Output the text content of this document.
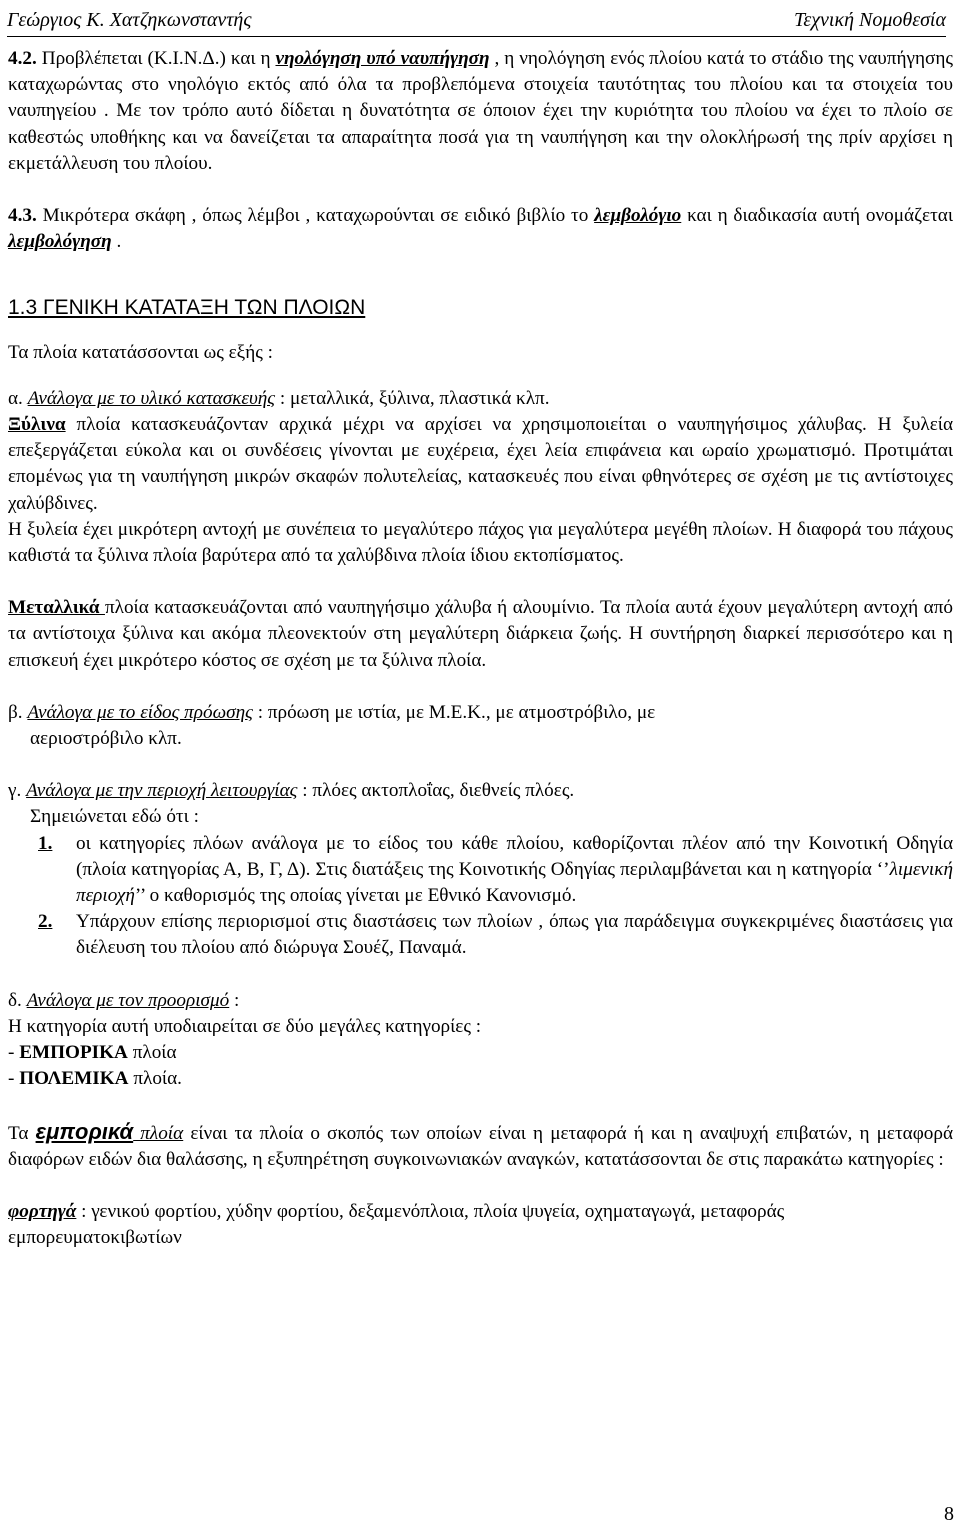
Γεώργιος Κ. Χατζηκωνσταντής	Τεχνική Νομοθεσία

4.2. Προβλέπεται (Κ.Ι.Ν.Δ.) και η νηολόγηση υπό ναυπήγηση , η νηολόγηση ενός πλοίου κατά το στάδιο της ναυπήγησης καταχωρώντας στο νηολόγιο εκτός από όλα τα προβλεπόμενα στοιχεία ταυτότητας του πλοίου και τα στοιχεία του ναυπηγείου . Με τον τρόπο αυτό δίδεται η δυνατότητα σε όποιον έχει την κυριότητα του πλοίου να έχει το πλοίο σε καθεστώς υποθήκης και να δανείζεται τα απαραίτητα ποσά για τη ναυπήγηση και την ολοκλήρωσή της πρίν αρχίσει η εκμετάλλευση του πλοίου.

4.3. Μικρότερα σκάφη , όπως λέμβοι , καταχωρούνται σε ειδικό βιβλίο το λεμβολόγιο και η διαδικασία αυτή ονομάζεται λεμβολόγηση .

1.3 ΓΕΝΙΚΗ ΚΑΤΑΤΑΞΗ ΤΩΝ ΠΛΟΙΩΝ

Τα πλοία κατατάσσονται ως εξής :

α. Ανάλογα με το υλικό κατασκευής : μεταλλικά, ξύλινα, πλαστικά κλπ.

Ξύλινα πλοία κατασκευάζονταν αρχικά μέχρι να αρχίσει να χρησιμοποιείται ο ναυπηγήσιμος χάλυβας. Η ξυλεία επεξεργάζεται εύκολα και οι συνδέσεις γίνονται με ευχέρεια, έχει λεία επιφάνεια και ωραίο χρωματισμό. Προτιμάται επομένως για τη ναυπήγηση μικρών σκαφών πολυτελείας, κατασκευές που είναι φθηνότερες σε σχέση με τις αντίστοιχες χαλύβδινες.

Η ξυλεία έχει μικρότερη αντοχή με συνέπεια το μεγαλύτερο πάχος για μεγαλύτερα μεγέθη πλοίων. Η διαφορά του πάχους καθιστά τα ξύλινα πλοία βαρύτερα από τα χαλύβδινα πλοία ίδιου εκτοπίσματος.

Μεταλλικά πλοία κατασκευάζονται από ναυπηγήσιμο χάλυβα ή αλουμίνιο. Τα πλοία αυτά έχουν μεγαλύτερη αντοχή από τα αντίστοιχα ξύλινα και ακόμα πλεονεκτούν στη μεγαλύτερη διάρκεια ζωής. Η συντήρηση διαρκεί περισσότερο και η επισκευή έχει μικρότερο κόστος σε σχέση με τα ξύλινα πλοία.

β. Ανάλογα με το είδος πρόωσης : πρόωση με ιστία, με Μ.Ε.Κ., με ατμοστρόβιλο, με

αεριοστρόβιλο κλπ.

γ. Ανάλογα με την περιοχή λειτουργίας : πλόες ακτοπλοΐας, διεθνείς πλόες.

Σημειώνεται εδώ ότι :

1.	οι κατηγορίες πλόων ανάλογα με το είδος του κάθε πλοίου, καθορίζονται πλέον από την Κοινοτική Οδηγία (πλοία κατηγορίας Α, Β, Γ, Δ). Στις διατάξεις της Κοινοτικής Οδηγίας περιλαμβάνεται και η κατηγορία ‘’λιμενική περιοχή’’ ο καθορισμός της οποίας γίνεται με Εθνικό Κανονισμό.
2.	Υπάρχουν επίσης περιορισμοί στις διαστάσεις των πλοίων , όπως για παράδειγμα συγκεκριμένες διαστάσεις για διέλευση του πλοίου από διώρυγα Σουέζ, Παναμά.

δ. Ανάλογα με τον προορισμό :

Η κατηγορία αυτή υποδιαιρείται σε δύο μεγάλες κατηγορίες :

- ΕΜΠΟΡΙΚΑ πλοία

- ΠΟΛΕΜΙΚΑ πλοία.

Τα εμπορικά πλοία είναι τα πλοία ο σκοπός των οποίων είναι η μεταφορά ή και η αναψυχή επιβατών, η μεταφορά διαφόρων ειδών δια θαλάσσης, η εξυπηρέτηση συγκοινωνιακών αναγκών, κατατάσσονται δε στις παρακάτω κατηγορίες :

φορτηγά : γενικού φορτίου, χύδην φορτίου, δεξαμενόπλοια, πλοία ψυγεία, οχηματαγωγά, μεταφοράς εμπορευματοκιβωτίων

8
